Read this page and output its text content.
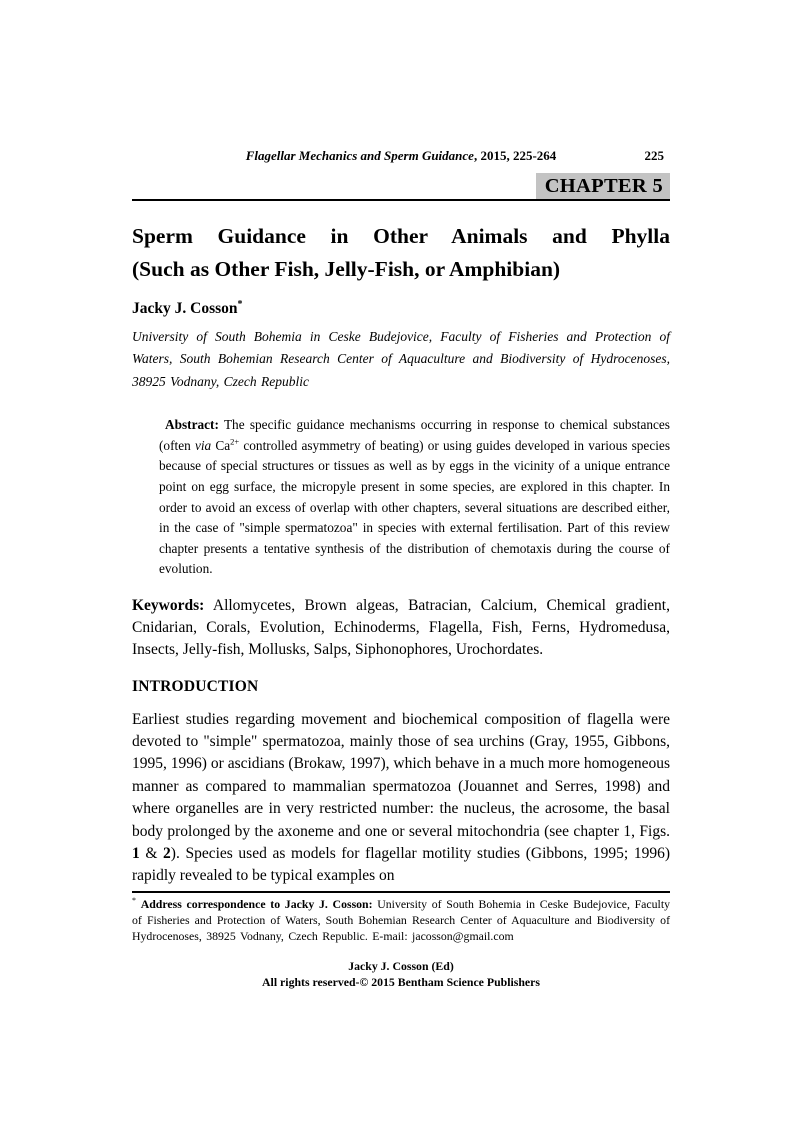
Flagellar Mechanics and Sperm Guidance, 2015, 225-264	225
CHAPTER 5
Sperm Guidance in Other Animals and Phylla
(Such as Other Fish, Jelly-Fish, or Amphibian)
Jacky J. Cosson*
University of South Bohemia in Ceske Budejovice, Faculty of Fisheries and Protection of Waters, South Bohemian Research Center of Aquaculture and Biodiversity of Hydrocenoses, 38925 Vodnany, Czech Republic
Abstract: The specific guidance mechanisms occurring in response to chemical substances (often via $Ca^{2+}$ controlled asymmetry of beating) or using guides developed in various species because of special structures or tissues as well as by eggs in the vicinity of a unique entrance point on egg surface, the micropyle present in some species, are explored in this chapter. In order to avoid an excess of overlap with other chapters, several situations are described either, in the case of "simple spermatozoa" in species with external fertilisation. Part of this review chapter presents a tentative synthesis of the distribution of chemotaxis during the course of evolution.
Keywords: Allomycetes, Brown algeas, Batracian, Calcium, Chemical gradient, Cnidarian, Corals, Evolution, Echinoderms, Flagella, Fish, Ferns, Hydromedusa, Insects, Jelly-fish, Mollusks, Salps, Siphonophores, Urochordates.
INTRODUCTION

Earliest studies regarding movement and biochemical composition of flagella were devoted to "simple" spermatozoa, mainly those of sea urchins (Gray, 1955, Gibbons, 1995, 1996) or ascidians (Brokaw, 1997), which behave in a much more homogeneous manner as compared to mammalian spermatozoa (Jouannet and Serres, 1998) and where organelles are in very restricted number: the nucleus, the acrosome, the basal body prolonged by the axoneme and one or several mitochondria (see chapter 1, Figs. 1 & 2). Species used as models for flagellar motility studies (Gibbons, 1995; 1996) rapidly revealed to be typical examples on

* Address correspondence to Jacky J. Cosson: University of South Bohemia in Ceske Budejovice, Faculty of Fisheries and Protection of Waters, South Bohemian Research Center of Aquaculture and Biodiversity of Hydrocenoses, 38925 Vodnany, Czech Republic. E-mail: jacosson@gmail.com
Jacky J. Cosson (Ed)
All rights reserved-© 2015 Bentham Science Publishers
